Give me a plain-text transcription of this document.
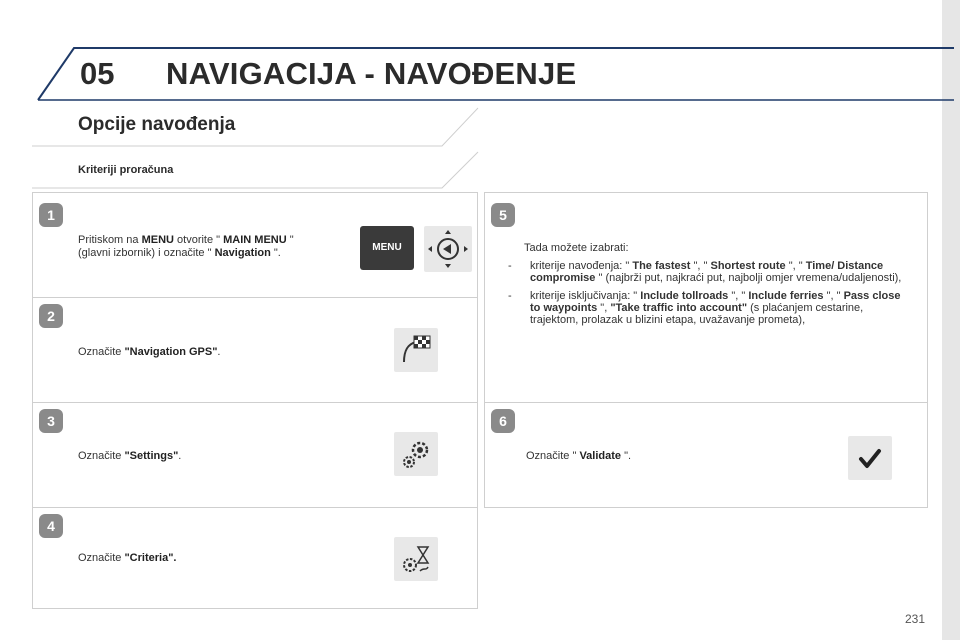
05 NAVIGACIJA - NAVOĐENJE
Opcije navođenja
Kriteriji proračuna
1
Pritiskom na MENU otvorite " MAIN MENU "
(glavni izbornik) i označite " Navigation ".	MENU
2
Označite "Navigation GPS".
3
Označite "Settings".
4
Označite "Criteria".
5
Tada možete izabrati:
- kriterije navođenja: " The fastest ", " Shortest route ", " Time/ Distance compromise " (najbrži put, najkraći put, najbolji omjer vremena/udaljenosti),
- kriterije isključivanja: " Include tollroads ", " Include ferries ", " Pass close to waypoints ", "Take traffic into account" (s plaćanjem cestarine, trajektom, prolazak u blizini etapa, uvažavanje prometa),
6
Označite " Validate ".
231
